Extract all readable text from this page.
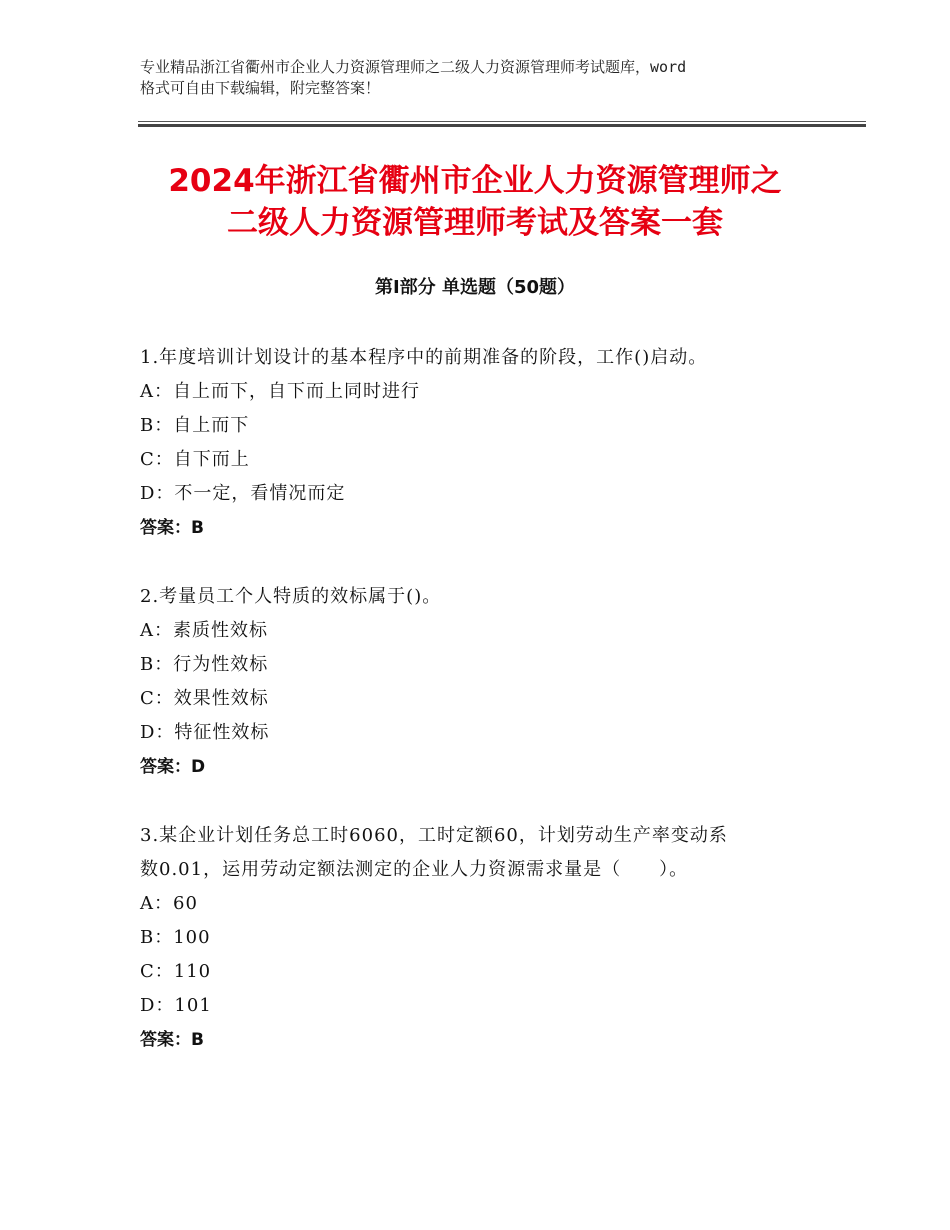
专业精品浙江省衢州市企业人力资源管理师之二级人力资源管理师考试题库，word

格式可自由下载编辑，附完整答案！

2024年浙江省衢州市企业人力资源管理师之
二级人力资源管理师考试及答案一套
第Ⅰ部分 单选题（50题）

1.年度培训计划设计的基本程序中的前期准备的阶段，工作()启动。

A：自上而下，自下而上同时进行

B：自上而下

C：自下而上

D：不一定，看情况而定

答案：B

2.考量员工个人特质的效标属于()。

A：素质性效标

B：行为性效标

C：效果性效标

D：特征性效标

答案：D

3.某企业计划任务总工时6060，工时定额60，计划劳动生产率变动系

数0.01，运用劳动定额法测定的企业人力资源需求量是（　　）。

A：60

B：100

C：110

D：101

答案：B
